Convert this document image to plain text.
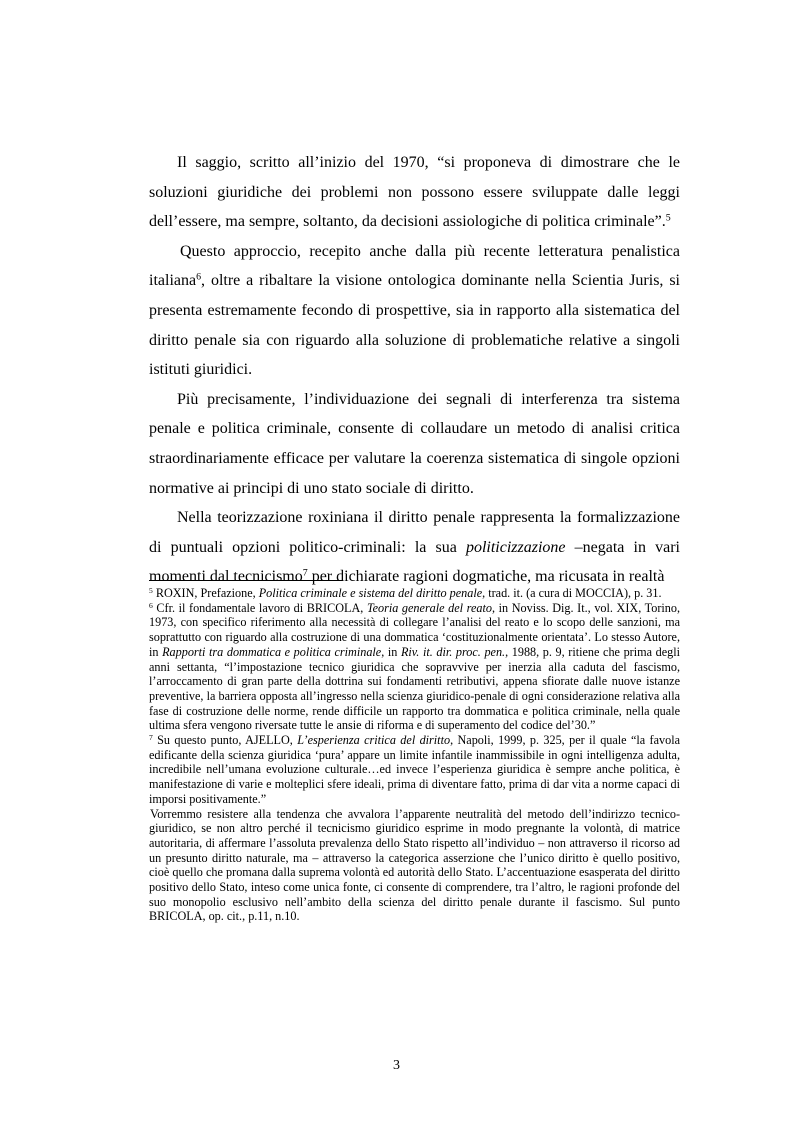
Il saggio, scritto all’inizio del 1970, “si proponeva di dimostrare che le soluzioni giuridiche dei problemi non possono essere sviluppate dalle leggi dell’essere, ma sempre, soltanto, da decisioni assiologiche di politica criminale”.$^5$

Questo approccio, recepito anche dalla più recente letteratura penalistica italiana$^6$, oltre a ribaltare la visione ontologica dominante nella Scientia Juris, si presenta estremamente fecondo di prospettive, sia in rapporto alla sistematica del diritto penale sia con riguardo alla soluzione di problematiche relative a singoli istituti giuridici.

Più precisamente, l’individuazione dei segnali di interferenza tra sistema penale e politica criminale, consente di collaudare un metodo di analisi critica straordinariamente efficace per valutare la coerenza sistematica di singole opzioni normative ai principi di uno stato sociale di diritto.

Nella teorizzazione roxiniana il diritto penale rappresenta la formalizzazione di puntuali opzioni politico-criminali: la sua politicizzazione –negata in vari momenti dal tecnicismo$^7$ per dichiarate ragioni dogmatiche, ma ricusata in realtà

$^5$ ROXIN, Prefazione, Politica criminale e sistema del diritto penale, trad. it. (a cura di MOCCIA), p. 31.

$^6$ Cfr. il fondamentale lavoro di BRICOLA, Teoria generale del reato, in Noviss. Dig. It., vol. XIX, Torino, 1973, con specifico riferimento alla necessità di collegare l’analisi del reato e lo scopo delle sanzioni, ma soprattutto con riguardo alla costruzione di una dommatica ‘costituzionalmente orientata’. Lo stesso Autore, in Rapporti tra dommatica e politica criminale, in Riv. it. dir. proc. pen., 1988, p. 9, ritiene che prima degli anni settanta, “l’impostazione tecnico giuridica che sopravvive per inerzia alla caduta del fascismo, l’arroccamento di gran parte della dottrina sui fondamenti retributivi, appena sfiorate dalle nuove istanze preventive, la barriera opposta all’ingresso nella scienza giuridico-penale di ogni considerazione relativa alla fase di costruzione delle norme, rende difficile un rapporto tra dommatica e politica criminale, nella quale ultima sfera vengono riversate tutte le ansie di riforma e di superamento del codice del’30.”

$^7$ Su questo punto, AJELLO, L’esperienza critica del diritto, Napoli, 1999, p. 325, per il quale “la favola edificante della scienza giuridica ‘pura’ appare un limite infantile inammissibile in ogni intelligenza adulta, incredibile nell’umana evoluzione culturale…ed invece l’esperienza giuridica è sempre anche politica, è manifestazione di varie e molteplici sfere ideali, prima di diventare fatto, prima di dar vita a norme capaci di imporsi positivamente.”

Vorremmo resistere alla tendenza che avvalora l’apparente neutralità del metodo dell’indirizzo tecnico-giuridico, se non altro perché il tecnicismo giuridico esprime in modo pregnante la volontà, di matrice autoritaria, di affermare l’assoluta prevalenza dello Stato rispetto all’individuo – non attraverso il ricorso ad un presunto diritto naturale, ma – attraverso la categorica asserzione che l’unico diritto è quello positivo, cioè quello che promana dalla suprema volontà ed autorità dello Stato. L’accentuazione esasperata del diritto positivo dello Stato, inteso come unica fonte, ci consente di comprendere, tra l’altro, le ragioni profonde del suo monopolio esclusivo nell’ambito della scienza del diritto penale durante il fascismo. Sul punto BRICOLA, op. cit., p.11, n.10.

3
